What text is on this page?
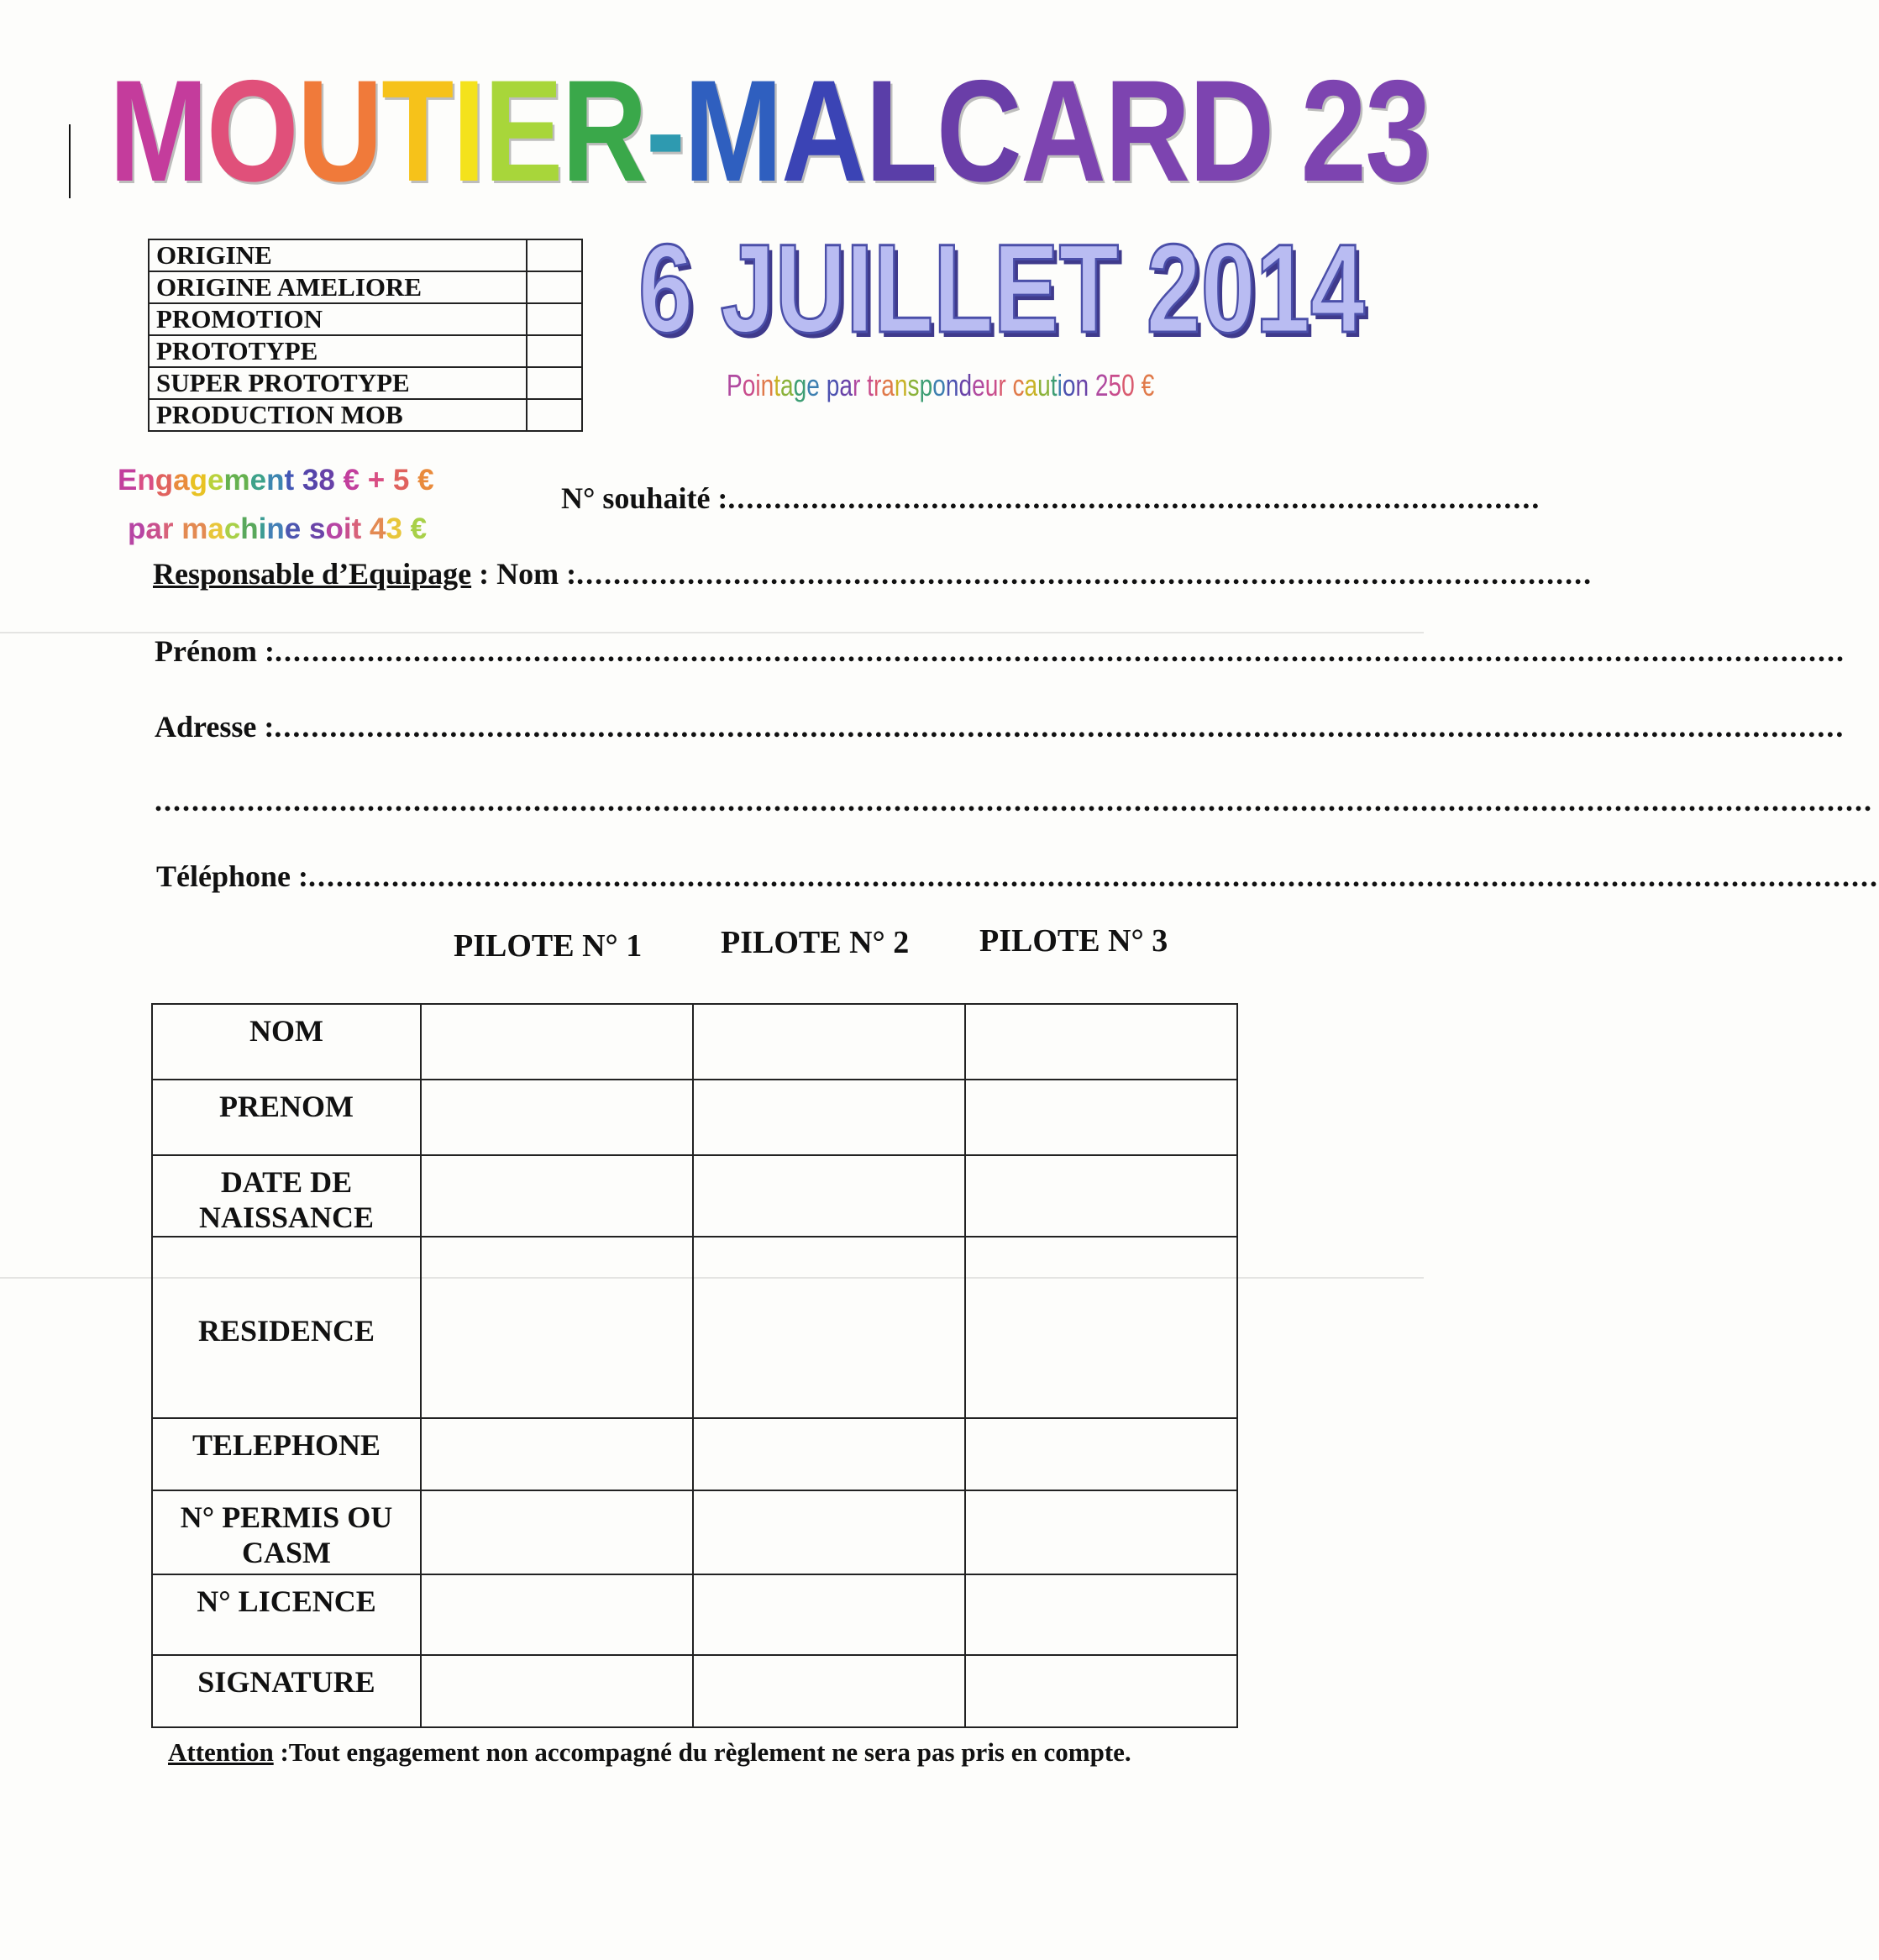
MOUTIER-MALCARD 23
6 JUILLET 2014
Pointage par transpondeur caution 250 €
ORIGINE	
ORIGINE AMELIORE	
PROMOTION	
PROTOTYPE	
SUPER PROTOTYPE	
PRODUCTION MOB	
Engagement 38 € + 5 €
par machine soit 43 €
N° souhaité :........................................................................................
Responsable d’Equipage : Nom :..............................................................................................................
Prénom :..........................................................................................................................................................................
Adresse :..........................................................................................................................................................................
..........................................................................................................................................................................................
Téléphone :..........................................................................................................................................................................
PILOTE N° 1 PILOTE N° 2 PILOTE N° 3
NOM			

PRENOM			

DATE DE
NAISSANCE			

RESIDENCE			

TELEPHONE			

N° PERMIS OU
CASM			

N° LICENCE			

SIGNATURE			

Attention :Tout engagement non accompagné du règlement ne sera pas pris en compte.
